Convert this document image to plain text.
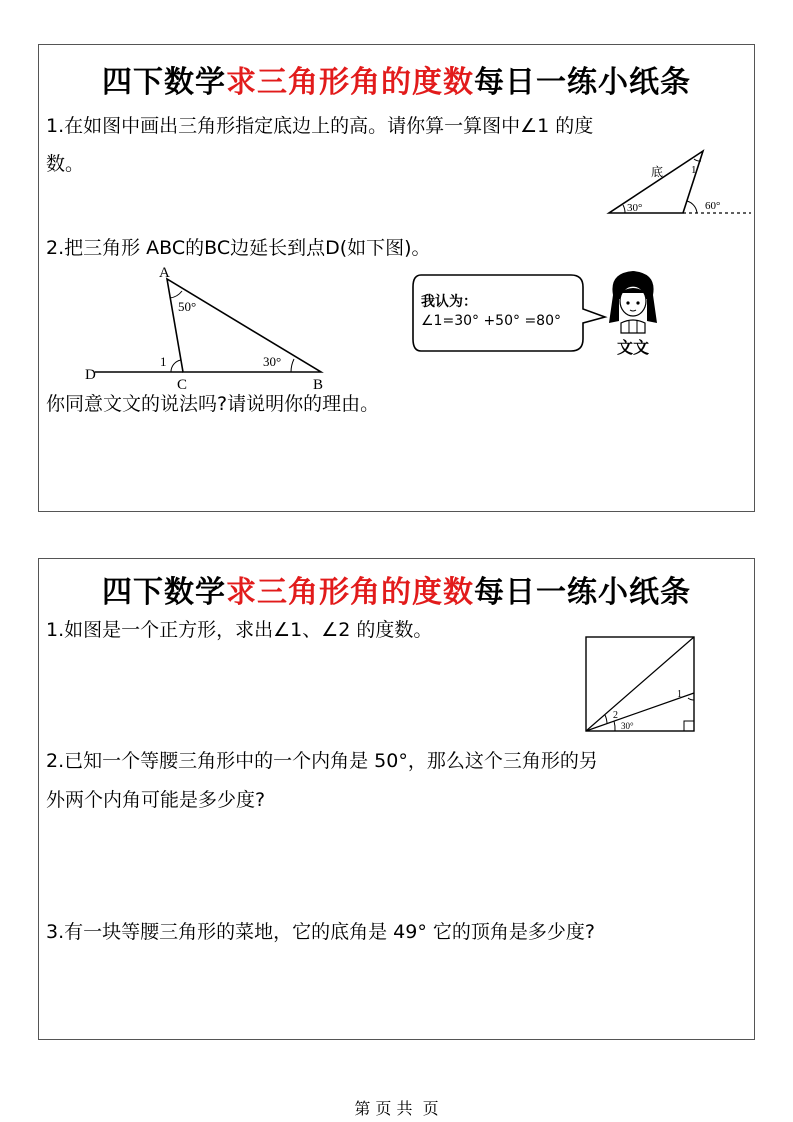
四下数学求三角形角的度数每日一练小纸条
1.在如图中画出三角形指定底边上的高。请你算一算图中∠1 的度
数。	底	1
30°	60°
2.把三角形 ABC的BC边延长到点D(如下图)。
A
B
C
D
50°
30°
1
我认为：
∠1=30° +50° =80°
文文
你同意文文的说法吗?请说明你的理由。
四下数学求三角形角的度数每日一练小纸条
1.如图是一个正方形，求出∠1、∠2 的度数。
1
2
30°
2.已知一个等腰三角形中的一个内角是 50°，那么这个三角形的另
外两个内角可能是多少度?
3.有一块等腰三角形的菜地，它的底角是 49° 它的顶角是多少度?
第 页 共  页
